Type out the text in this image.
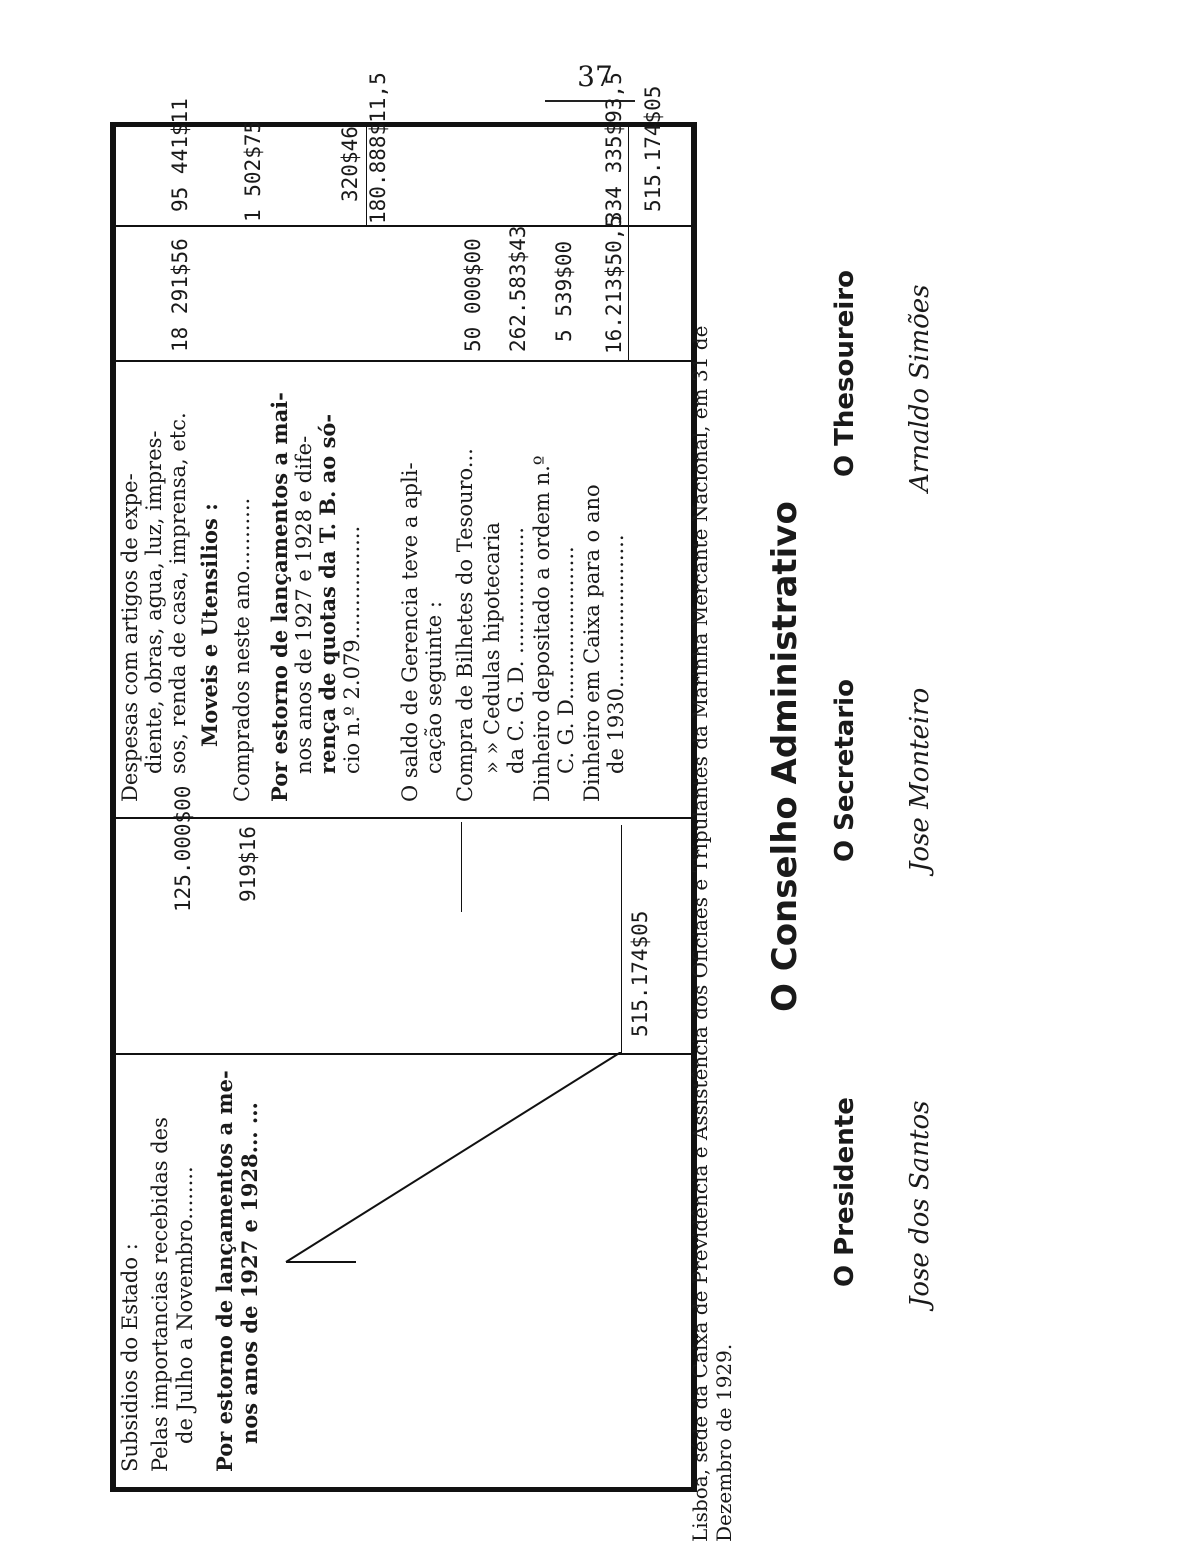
37
Subsidios do Estado : Pelas importancias recebidas des de Julho a Novembro........
125.000$00
Por estorno de lançamentos a me- nos anos de 1927 e 1928... ...
919$16
515.174$05
Despesas com artigos de expe- diente, obras, agua, luz, impres- sos, renda de casa, imprensa, etc.
18 291$56
95 441$11
Moveis e Utensilios : Comprados neste ano...........
1 502$75
Por estorno de lançamentos a mai- nos anos de 1927 e 1928 e dife- rença de quotas da T. B. ao só- cio n.º 2.079.................
320$46 180.888$11,5
O saldo de Gerencia teve a apli- cação seguinte : Compra de Bilhetes do Tesouro...
50 000$00
» » Cedulas hipotecaria da C. G. D. ...................
262.583$43
Dinheiro depositado a ordem n.º C. G. D.......................
5 539$00
Dinheiro em Caixa para o ano de 1930.......................
16.213$50,5
334 335$93,5 515.174$05
Lisboa, séde da Caixa de Previdência e Assistência dos Oficiaes e Tripulantes da Marinha Mercante Nacional, em 31 de Dezembro de 1929.
O Conselho Administrativo
O Presidente Jose dos Santos
O Secretario Jose Monteiro
O Thesoureiro Arnaldo Simões
